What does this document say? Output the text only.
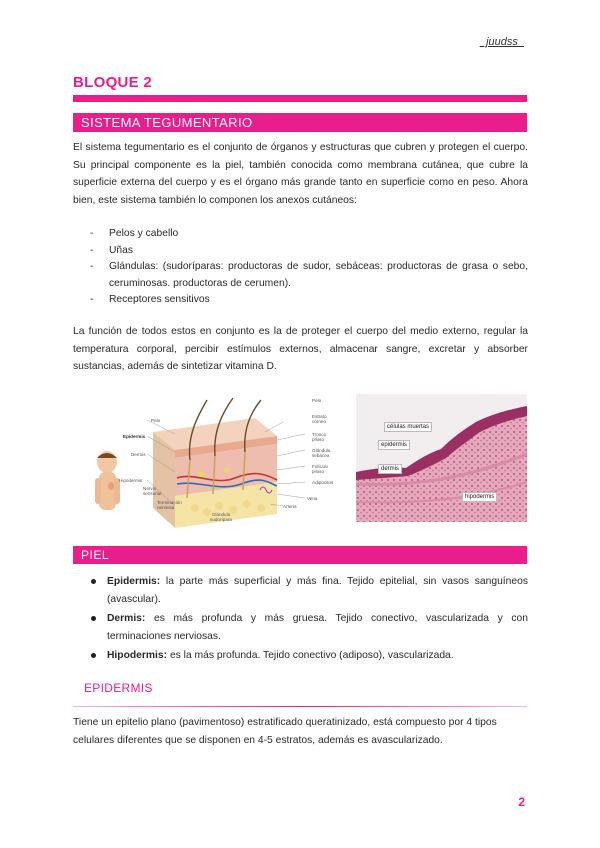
_juudss_
BLOQUE 2
SISTEMA TEGUMENTARIO

El sistema tegumentario es el conjunto de órganos y estructuras que cubren y protegen el cuerpo. Su principal componente es la piel, también conocida como membrana cutánea, que cubre la superficie externa del cuerpo y es el órgano más grande tanto en superficie como en peso. Ahora bien, este sistema también lo componen los anexos cutáneos:

- Pelos y cabello
- Uñas
- Glándulas: (sudoríparas: productoras de sudor, sebáceas: productoras de grasa o sebo, ceruminosas. productoras de cerumen).
- Receptores sensitivos

La función de todos estos en conjunto es la de proteger el cuerpo del medio externo, regular la temperatura corporal, percibir estímulos externos, almacenar sangre, excretar y absorber sustancias, además de sintetizar vitamina D.

Pelo
Epidermis
Dermis
Hipodermis
Nervio sensorial
Terminación nerviosa
Pelo
Estrato córneo
Tronco piloso
Glándula sebácea
Folículo piloso
Adipocitos
Vena
Arteria
Glándula sudorípara
células muertas
epidermis
dermis
hipodermis
PIEL
Epidermis: la parte más superficial y más fina. Tejido epitelial, sin vasos sanguíneos (avascular).
Dermis: es más profunda y más gruesa. Tejido conectivo, vascularizada y con terminaciones nerviosas.
Hipodermis: es la más profunda. Tejido conectivo (adiposo), vascularizada.
EPIDERMIS

Tiene un epitelio plano (pavimentoso) estratificado queratinizado, está compuesto por 4 tipos celulares diferentes que se disponen en 4-5 estratos, además es avascularizado.

2
